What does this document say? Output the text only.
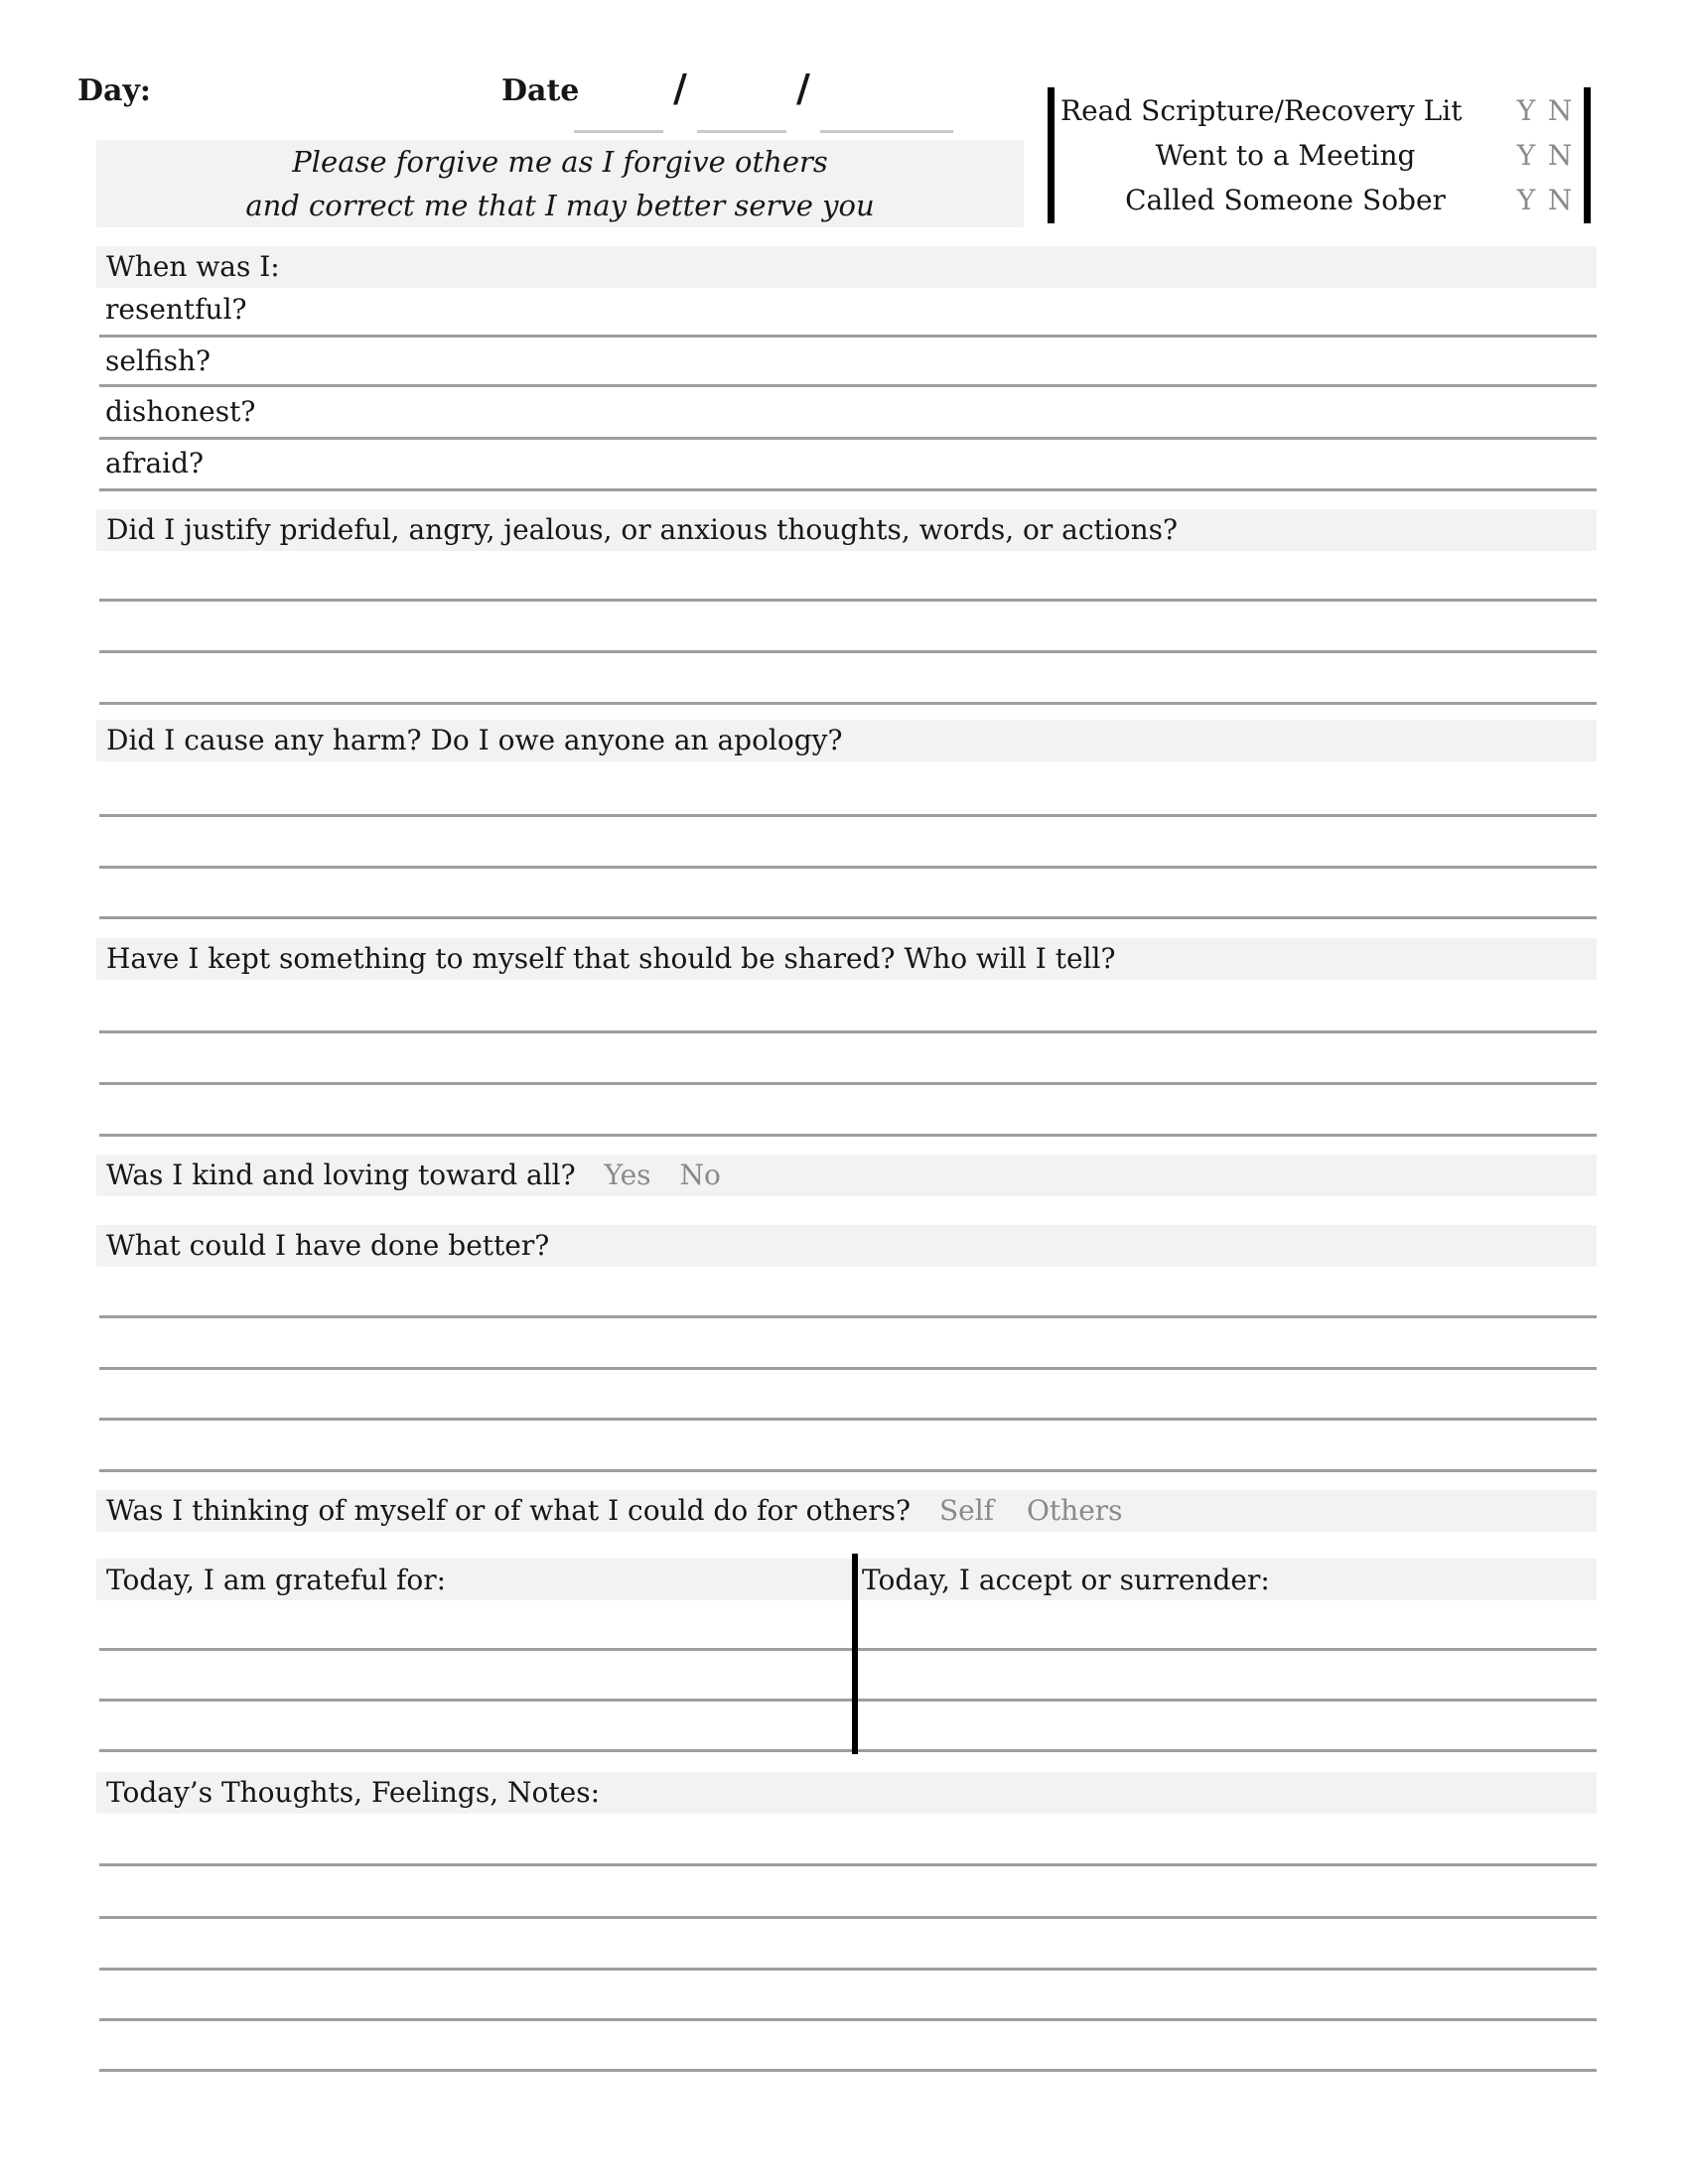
Day:	Date /	/
Read Scripture/Recovery Lit	Y N
Went to a Meeting	Y N
Called Someone Sober	Y N
Please forgive me as I forgive others
and correct me that I may better serve you
When was I:
resentful?
selfish?
dishonest?
afraid?
Did I justify prideful, angry, jealous, or anxious thoughts, words, or actions?
Did I cause any harm? Do I owe anyone an apology?
Have I kept something to myself that should be shared? Who will I tell?
Was I kind and loving toward all? Yes No
What could I have done better?
Was I thinking of myself or of what I could do for others? Self Others
Today, I am grateful for:	Today, I accept or surrender:
Today’s Thoughts, Feelings, Notes:
